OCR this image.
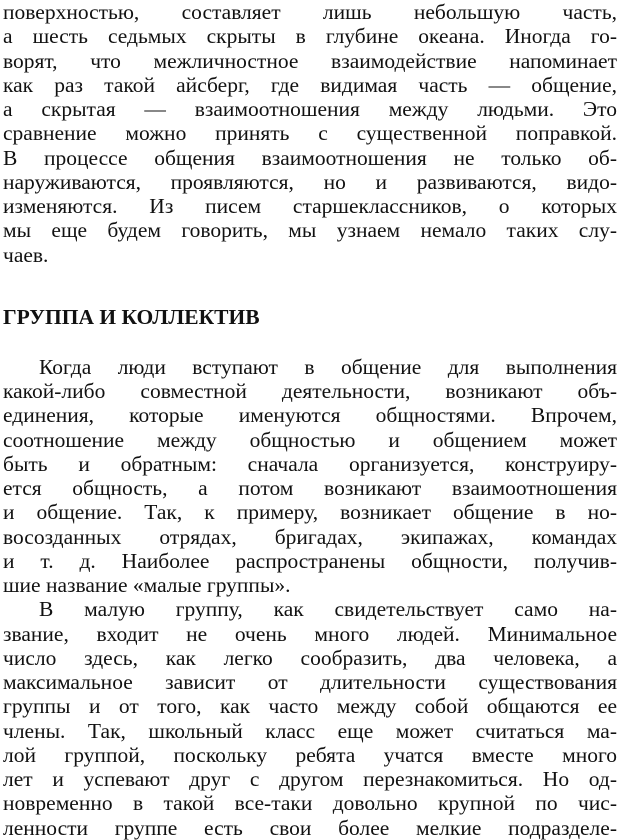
поверхностью, составляет лишь небольшую часть,
а шесть седьмых скрыты в глубине океана. Иногда го-
ворят, что межличностное взаимодействие напоминает
как раз такой айсберг, где видимая часть — общение,
а скрытая — взаимоотношения между людьми. Это
сравнение можно принять с существенной поправкой.
В процессе общения взаимоотношения не только об-
наруживаются, проявляются, но и развиваются, видо-
изменяются. Из писем старшеклассников, о которых
мы еще будем говорить, мы узнаем немало таких слу-
чаев.
ГРУППА И КОЛЛЕКТИВ
Когда люди вступают в общение для выполнения
какой-либо совместной деятельности, возникают объ-
единения, которые именуются общностями. Впрочем,
соотношение между общностью и общением может
быть и обратным: сначала организуется, конструиру-
ется общность, а потом возникают взаимоотношения
и общение. Так, к примеру, возникает общение в но-
восозданных отрядах, бригадах, экипажах, командах
и т. д. Наиболее распространены общности, получив-
шие название «малые группы».
В малую группу, как свидетельствует само на-
звание, входит не очень много людей. Минимальное
число здесь, как легко сообразить, два человека, а
максимальное зависит от длительности существования
группы и от того, как часто между собой общаются ее
члены. Так, школьный класс еще может считаться ма-
лой группой, поскольку ребята учатся вместе много
лет и успевают друг с другом перезнакомиться. Но од-
новременно в такой все-таки довольно крупной по чис-
ленности группе есть свои более мелкие подразделе-
